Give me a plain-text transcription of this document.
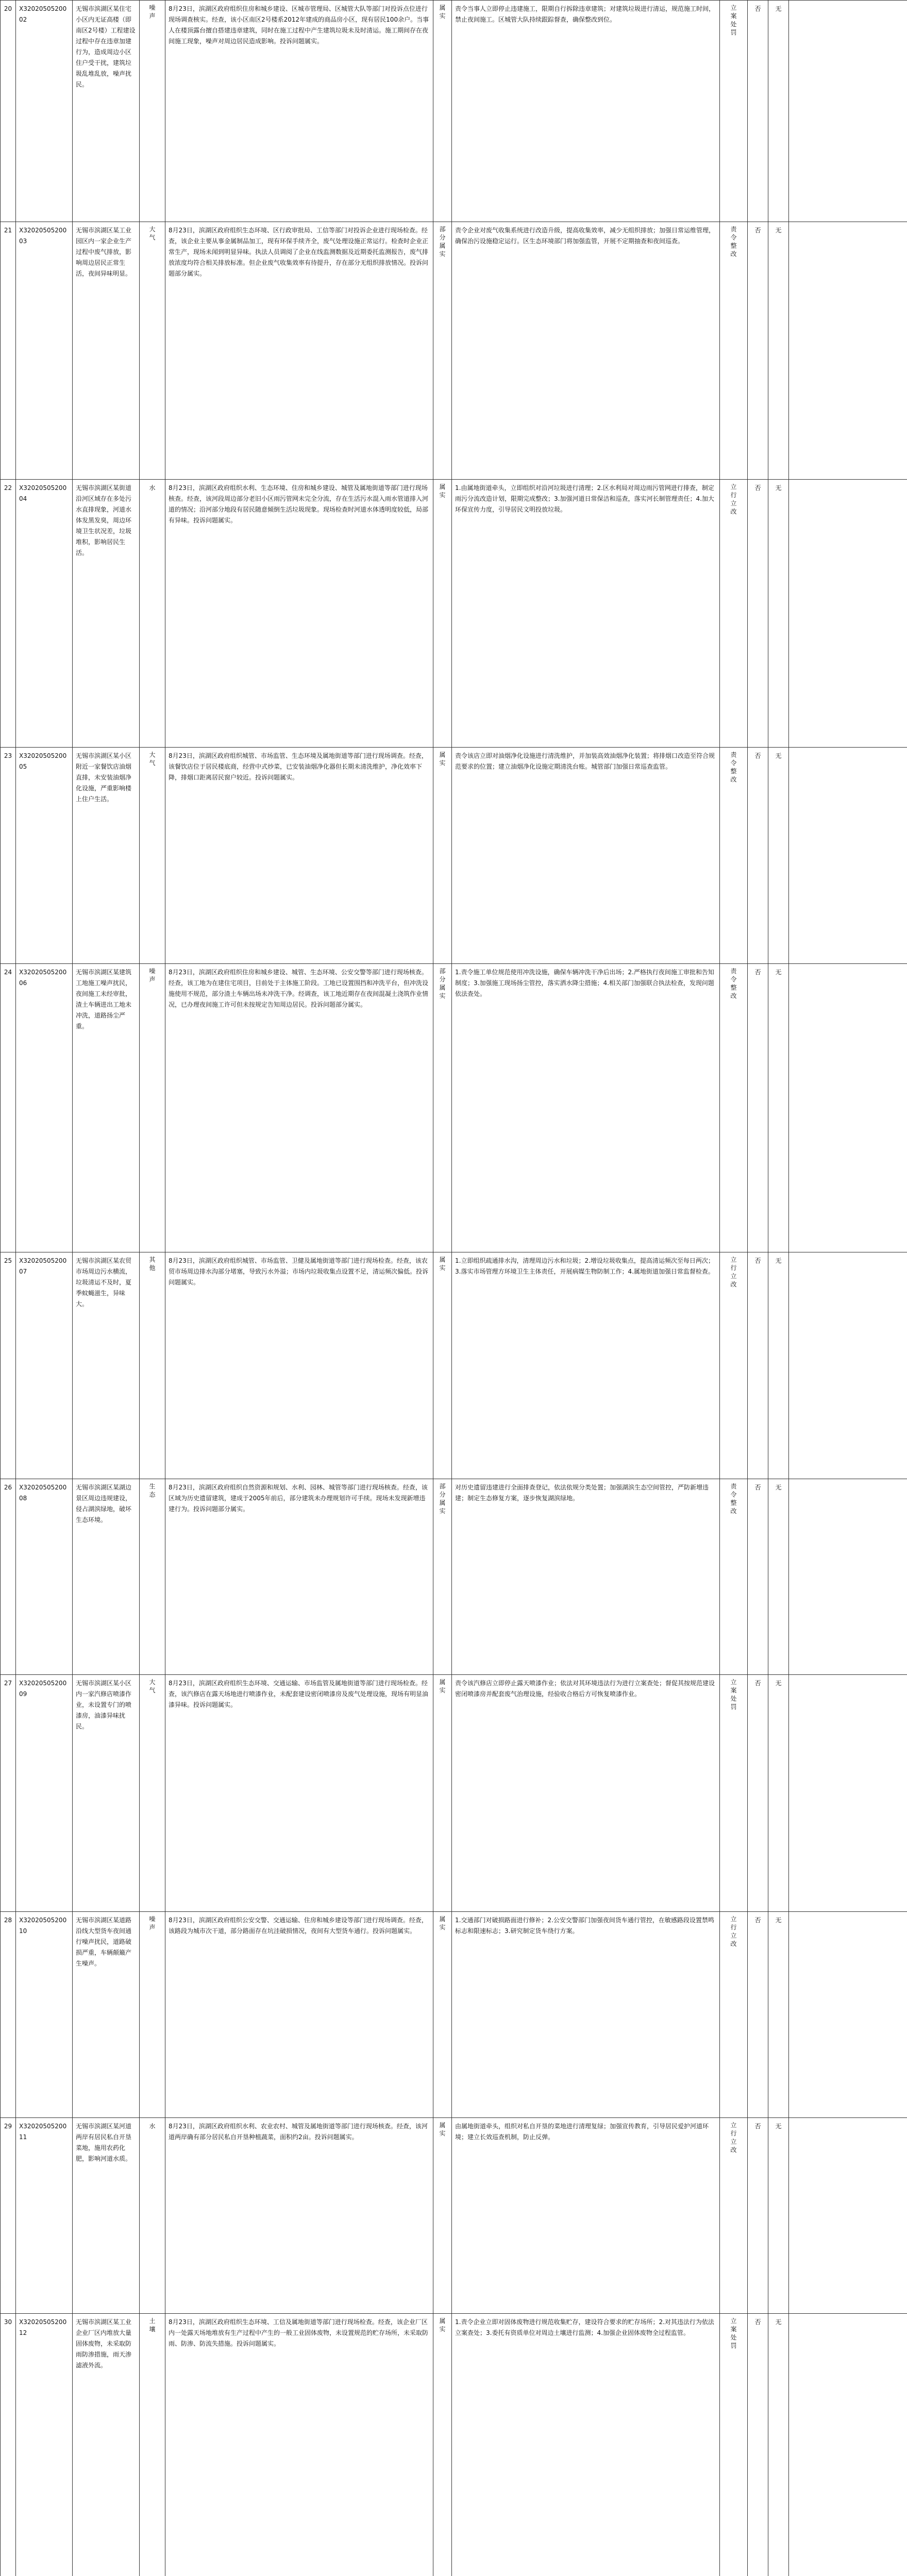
20	X3202050520002	无锡市滨湖区某住宅小区内无证高楼（即南区2号楼）工程建设过程中存在违章加建行为，造成周边小区住户受干扰，建筑垃圾乱堆乱放，噪声扰民。	噪声	8月23日，滨湖区政府组织住房和城乡建设、区城市管理局、区城管大队等部门对投诉点位进行现场调查核实。经查，该小区南区2号楼系2012年建成的商品房小区，现有居民100余户。当事人在楼顶露台擅自搭建违章建筑，同时在施工过程中产生建筑垃圾未及时清运。施工期间存在夜间施工现象，噪声对周边居民造成影响。投诉问题属实。	属实	责令当事人立即停止违建施工，限期自行拆除违章建筑；对建筑垃圾进行清运，规范施工时间，禁止夜间施工。区城管大队持续跟踪督查，确保整改到位。	立案处罚	否	无	

21	X3202050520003	无锡市滨湖区某工业园区内一家企业生产过程中废气排放，影响周边居民正常生活，夜间异味明显。	大气	8月23日，滨湖区政府组织生态环境、区行政审批局、工信等部门对投诉企业进行现场检查。经查，该企业主要从事金属制品加工，现有环保手续齐全，废气处理设施正常运行。检查时企业正常生产，现场未闻到明显异味。执法人员调阅了企业在线监测数据及近期委托监测报告，废气排放浓度均符合相关排放标准。但企业废气收集效率有待提升，存在部分无组织排放情况。投诉问题部分属实。	部分属实	责令企业对废气收集系统进行改造升级，提高收集效率，减少无组织排放；加强日常运维管理，确保治污设施稳定运行。区生态环境部门将加强监管，开展不定期抽查和夜间巡查。	责令整改	否	无	

22	X3202050520004	无锡市滨湖区某街道沿河区域存在多处污水直排现象，河道水体发黑发臭，周边环境卫生状况差，垃圾堆积，影响居民生活。	水	8月23日，滨湖区政府组织水利、生态环境、住房和城乡建设、城管及属地街道等部门进行现场核查。经查，该河段周边部分老旧小区雨污管网未完全分流，存在生活污水混入雨水管道排入河道的情况；沿河部分地段有居民随意倾倒生活垃圾现象。现场检查时河道水体透明度较低，局部有异味。投诉问题属实。	属实	1.由属地街道牵头，立即组织对沿河垃圾进行清理；2.区水利局对周边雨污管网进行排查，制定雨污分流改造计划，限期完成整改；3.加强河道日常保洁和巡查，落实河长制管理责任；4.加大环保宣传力度，引导居民文明投放垃圾。	立行立改	否	无	

23	X3202050520005	无锡市滨湖区某小区附近一家餐饮店油烟直排，未安装油烟净化设施，严重影响楼上住户生活。	大气	8月23日，滨湖区政府组织城管、市场监管、生态环境及属地街道等部门进行现场调查。经查，该餐饮店位于居民楼底商，经营中式炒菜，已安装油烟净化器但长期未清洗维护，净化效率下降，排烟口距离居民窗户较近。投诉问题属实。	属实	责令该店立即对油烟净化设施进行清洗维护，并加装高效油烟净化装置；将排烟口改造至符合规范要求的位置；建立油烟净化设施定期清洗台账。城管部门加强日常巡查监管。	责令整改	否	无	

24	X3202050520006	无锡市滨湖区某建筑工地施工噪声扰民，夜间施工未经审批，渣土车辆进出工地未冲洗，道路扬尘严重。	噪声	8月23日，滨湖区政府组织住房和城乡建设、城管、生态环境、公安交警等部门进行现场核查。经查，该工地为在建住宅项目，目前处于主体施工阶段。工地已设置围挡和冲洗平台，但冲洗设施使用不规范，部分渣土车辆出场未冲洗干净。经调查，该工地近期存在夜间混凝土浇筑作业情况，已办理夜间施工许可但未按规定告知周边居民。投诉问题部分属实。	部分属实	1.责令施工单位规范使用冲洗设施，确保车辆冲洗干净后出场；2.严格执行夜间施工审批和告知制度；3.加强施工现场扬尘管控，落实洒水降尘措施；4.相关部门加强联合执法检查，发现问题依法查处。	责令整改	否	无	

25	X3202050520007	无锡市滨湖区某农贸市场周边污水横流，垃圾清运不及时，夏季蚊蝇滋生，异味大。	其他	8月23日，滨湖区政府组织城管、市场监管、卫健及属地街道等部门进行现场检查。经查，该农贸市场周边排水沟部分堵塞，导致污水外溢；市场内垃圾收集点设置不足，清运频次偏低。投诉问题属实。	属实	1.立即组织疏通排水沟，清理周边污水和垃圾；2.增设垃圾收集点，提高清运频次至每日两次；3.落实市场管理方环境卫生主体责任，开展病媒生物防制工作；4.属地街道加强日常监督检查。	立行立改	否	无	

26	X3202050520008	无锡市滨湖区某湖边景区周边违规建设，侵占湖滨绿地，破坏生态环境。	生态	8月23日，滨湖区政府组织自然资源和规划、水利、园林、城管等部门进行现场核查。经查，该区域为历史遗留建筑，建成于2005年前后，部分建筑未办理规划许可手续。现场未发现新增违建行为。投诉问题部分属实。	部分属实	对历史遗留违建进行全面排查登记，依法依规分类处置；加强湖滨生态空间管控，严防新增违建；制定生态修复方案，逐步恢复湖滨绿地。	责令整改	否	无	

27	X3202050520009	无锡市滨湖区某小区内一家汽修店喷漆作业，未设置专门的喷漆房，油漆异味扰民。	大气	8月23日，滨湖区政府组织生态环境、交通运输、市场监管及属地街道等部门进行现场检查。经查，该汽修店在露天场地进行喷漆作业，未配套建设密闭喷漆房及废气处理设施，现场有明显油漆异味。投诉问题属实。	属实	责令该汽修店立即停止露天喷漆作业；依法对其环境违法行为进行立案查处；督促其按规范建设密闭喷漆房并配套废气治理设施，经验收合格后方可恢复喷漆作业。	立案处罚	否	无	

28	X3202050520010	无锡市滨湖区某道路沿线大型货车夜间通行噪声扰民，道路破损严重，车辆颠簸产生噪声。	噪声	8月23日，滨湖区政府组织公安交警、交通运输、住房和城乡建设等部门进行现场调查。经查，该路段为城市次干道，部分路面存在坑洼破损情况，夜间有大型货车通行。投诉问题属实。	属实	1.交通部门对破损路面进行修补；2.公安交警部门加强夜间货车通行管控，在敏感路段设置禁鸣标志和限速标志；3.研究制定货车绕行方案。	立行立改	否	无	

29	X3202050520011	无锡市滨湖区某河道两岸有居民私自开垦菜地，施用农药化肥，影响河道水质。	水	8月23日，滨湖区政府组织水利、农业农村、城管及属地街道等部门进行现场核查。经查，该河道两岸确有部分居民私自开垦种植蔬菜，面积约2亩。投诉问题属实。	属实	由属地街道牵头，组织对私自开垦的菜地进行清理复绿；加强宣传教育，引导居民爱护河道环境；建立长效巡查机制，防止反弹。	立行立改	否	无	

30	X3202050520012	无锡市滨湖区某工业企业厂区内堆放大量固体废物，未采取防雨防渗措施，雨天渗滤液外流。	土壤	8月23日，滨湖区政府组织生态环境、工信及属地街道等部门进行现场检查。经查，该企业厂区内一处露天场地堆放有生产过程中产生的一般工业固体废物，未设置规范的贮存场所，未采取防雨、防渗、防流失措施。投诉问题属实。	属实	1.责令企业立即对固体废物进行规范收集贮存，建设符合要求的贮存场所；2.对其违法行为依法立案查处；3.委托有资质单位对周边土壤进行监测；4.加强企业固体废物全过程监管。	立案处罚	否	无	
